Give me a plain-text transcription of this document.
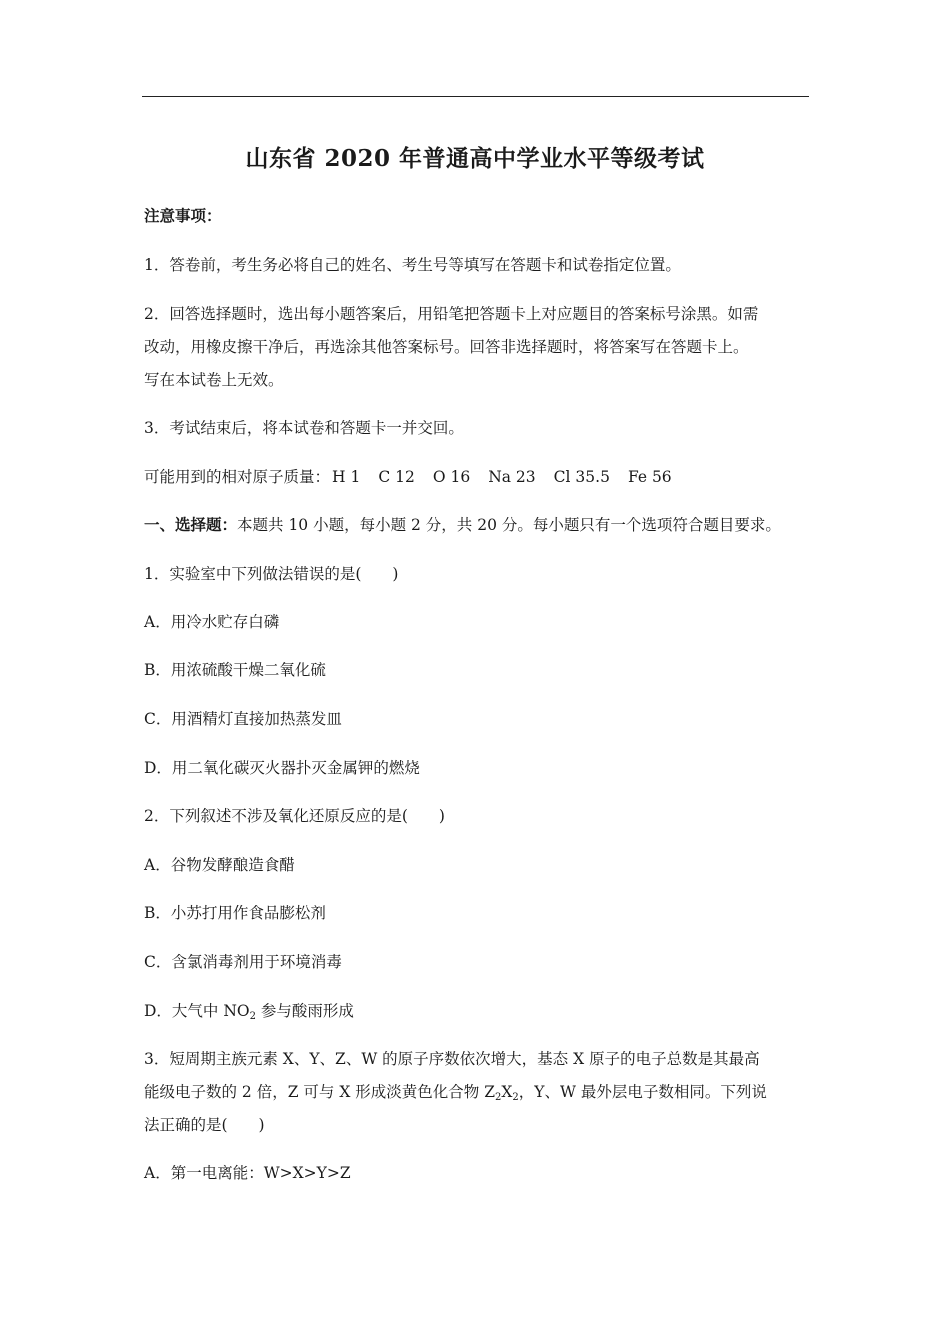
山东省 2020 年普通高中学业水平等级考试
注意事项：
1．答卷前，考生务必将自己的姓名、考生号等填写在答题卡和试卷指定位置。
2．回答选择题时，选出每小题答案后，用铅笔把答题卡上对应题目的答案标号涂黑。如需
改动，用橡皮擦干净后，再选涂其他答案标号。回答非选择题时，将答案写在答题卡上。
写在本试卷上无效。
3．考试结束后，将本试卷和答题卡一并交回。
可能用到的相对原子质量： H 1 C 12 O 16 Na 23 Cl 35.5 Fe 56
一、选择题：本题共 10 小题，每小题 2 分，共 20 分。每小题只有一个选项符合题目要求。
1．实验室中下列做法错误的是(　　)
A．用冷水贮存白磷
B．用浓硫酸干燥二氧化硫
C．用酒精灯直接加热蒸发皿
D．用二氧化碳灭火器扑灭金属钾的燃烧
2．下列叙述不涉及氧化还原反应的是(　　)
A．谷物发酵酿造食醋
B．小苏打用作食品膨松剂
C．含氯消毒剂用于环境消毒
D．大气中 $NO_2$ 参与酸雨形成
3．短周期主族元素 X、Y、Z、W 的原子序数依次增大，基态 X 原子的电子总数是其最高
能级电子数的 2 倍，Z 可与 X 形成淡黄色化合物 $Z_2X_2$，Y、W 最外层电子数相同。下列说
法正确的是(　　)
A．第一电离能：W>X>Y>Z
